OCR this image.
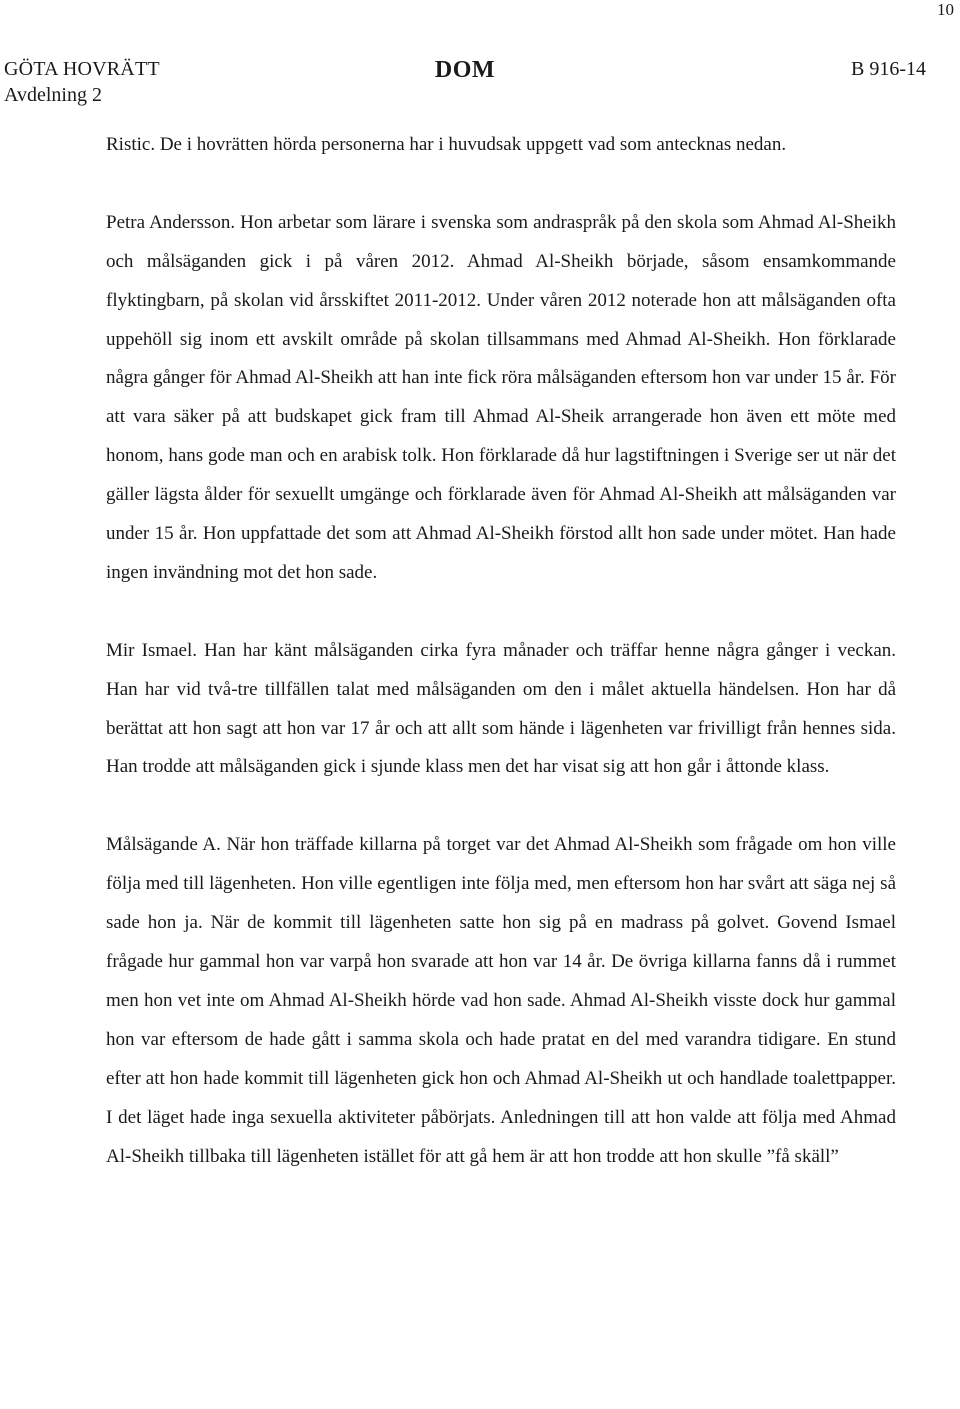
10
GÖTA HOVRÄTT
Avdelning 2
DOM	B 916-14

Ristic. De i hovrätten hörda personerna har i huvudsak uppgett vad som antecknas nedan.

Petra Andersson. Hon arbetar som lärare i svenska som andraspråk på den skola som Ahmad Al-Sheikh och målsäganden gick i på våren 2012. Ahmad Al-Sheikh började, såsom ensamkommande flyktingbarn, på skolan vid årsskiftet 2011-2012. Under våren 2012 noterade hon att målsäganden ofta uppehöll sig inom ett avskilt område på skolan tillsammans med Ahmad Al-Sheikh. Hon förklarade några gånger för Ahmad Al-Sheikh att han inte fick röra målsäganden eftersom hon var under 15 år. För att vara säker på att budskapet gick fram till Ahmad Al-Sheik arrangerade hon även ett möte med honom, hans gode man och en arabisk tolk. Hon förklarade då hur lagstiftningen i Sverige ser ut när det gäller lägsta ålder för sexuellt umgänge och förklarade även för Ahmad Al-Sheikh att målsäganden var under 15 år. Hon uppfattade det som att Ahmad Al-Sheikh förstod allt hon sade under mötet. Han hade ingen invändning mot det hon sade.

Mir Ismael. Han har känt målsäganden cirka fyra månader och träffar henne några gånger i veckan. Han har vid två-tre tillfällen talat med målsäganden om den i målet aktuella händelsen. Hon har då berättat att hon sagt att hon var 17 år och att allt som hände i lägenheten var frivilligt från hennes sida. Han trodde att målsäganden gick i sjunde klass men det har visat sig att hon går i åttonde klass.

Målsägande A. När hon träffade killarna på torget var det Ahmad Al-Sheikh som frågade om hon ville följa med till lägenheten. Hon ville egentligen inte följa med, men eftersom hon har svårt att säga nej så sade hon ja. När de kommit till lägenheten satte hon sig på en madrass på golvet. Govend Ismael frågade hur gammal hon var varpå hon svarade att hon var 14 år. De övriga killarna fanns då i rummet men hon vet inte om Ahmad Al-Sheikh hörde vad hon sade. Ahmad Al-Sheikh visste dock hur gammal hon var eftersom de hade gått i samma skola och hade pratat en del med varandra tidigare. En stund efter att hon hade kommit till lägenheten gick hon och Ahmad Al-Sheikh ut och handlade toalettpapper. I det läget hade inga sexuella aktiviteter påbörjats. Anledningen till att hon valde att följa med Ahmad Al-Sheikh tillbaka till lägenheten istället för att gå hem är att hon trodde att hon skulle ”få skäll”
